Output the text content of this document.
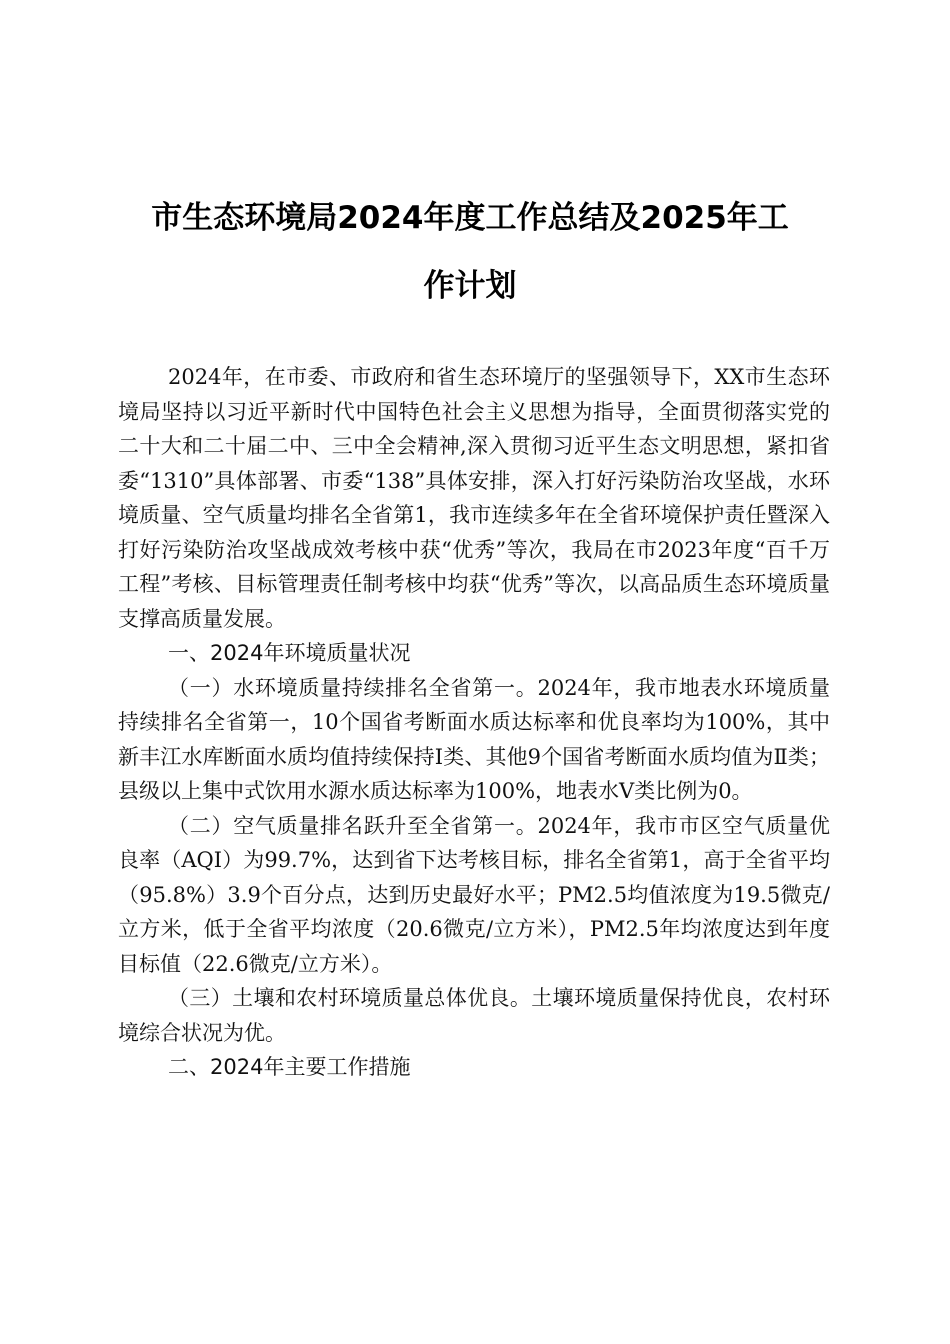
市生态环境局2024年度工作总结及2025年工
作计划

2024年，在市委、市政府和省生态环境厅的坚强领导下，XX市生态环境局坚持以习近平新时代中国特色社会主义思想为指导，全面贯彻落实党的二十大和二十届二中、三中全会精神,深入贯彻习近平生态文明思想，紧扣省委“1310”具体部署、市委“138”具体安排，深入打好污染防治攻坚战，水环境质量、空气质量均排名全省第1，我市连续多年在全省环境保护责任暨深入打好污染防治攻坚战成效考核中获“优秀”等次，我局在市2023年度“百千万工程”考核、目标管理责任制考核中均获“优秀”等次，以高品质生态环境质量支撑高质量发展。

一、2024年环境质量状况

（一）水环境质量持续排名全省第一。2024年，我市地表水环境质量持续排名全省第一，10个国省考断面水质达标率和优良率均为100%，其中新丰江水库断面水质均值持续保持Ⅰ类、其他9个国省考断面水质均值为Ⅱ类；县级以上集中式饮用水源水质达标率为100%，地表水Ⅴ类比例为0。

（二）空气质量排名跃升至全省第一。2024年，我市市区空气质量优良率（AQI）为99.7%，达到省下达考核目标，排名全省第1，高于全省平均（95.8%）3.9个百分点，达到历史最好水平；PM2.5均值浓度为19.5微克/立方米，低于全省平均浓度（20.6微克/立方米），PM2.5年均浓度达到年度目标值（22.6微克/立方米）。

（三）土壤和农村环境质量总体优良。土壤环境质量保持优良，农村环境综合状况为优。

二、2024年主要工作措施
